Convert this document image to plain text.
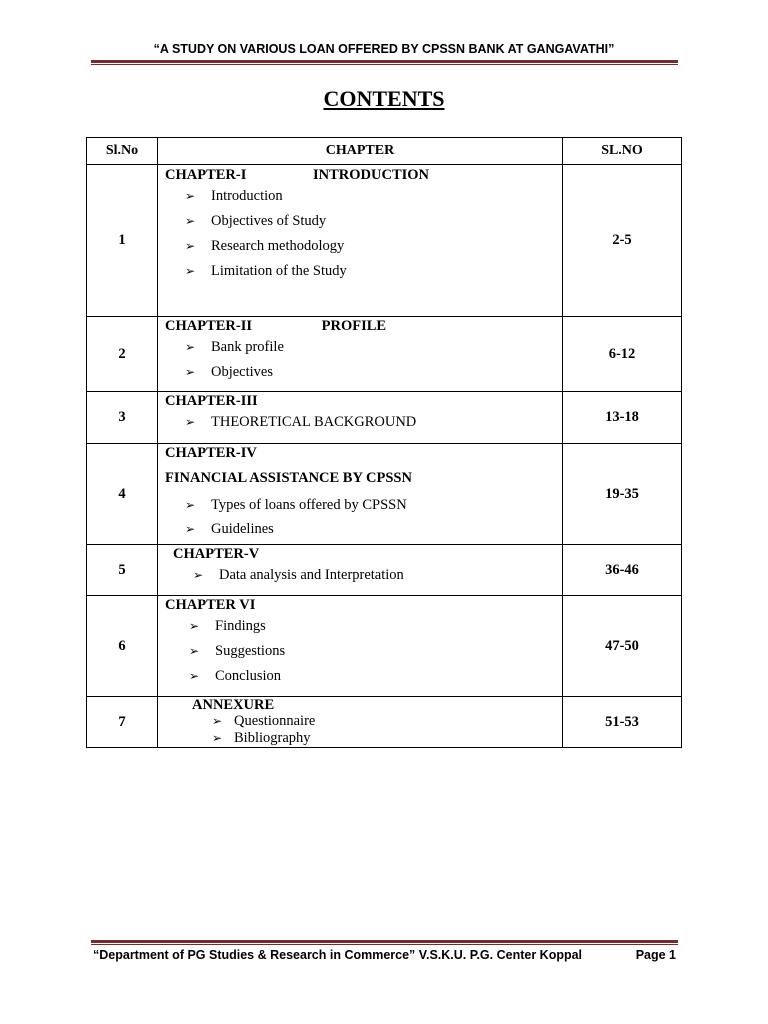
“A STUDY ON VARIOUS LOAN OFFERED BY CPSSN BANK AT GANGAVATHI”
CONTENTS
Sl.No	CHAPTER	SL.NO
1	CHAPTER-I INTRODUCTION
➢ Introduction
➢ Objectives of Study
➢ Research methodology
➢ Limitation of the Study	2-5
2	CHAPTER-II PROFILE
➢ Bank profile
➢ Objectives	6-12
3	CHAPTER-III
➢ THEORETICAL BACKGROUND	13-18
4	CHAPTER-IV
FINANCIAL ASSISTANCE BY CPSSN
➢ Types of loans offered by CPSSN
➢ Guidelines	19-35
5	CHAPTER-V
➢ Data analysis and Interpretation	36-46
6	CHAPTER VI
➢ Findings
➢ Suggestions
➢ Conclusion	47-50
7	ANNEXURE
➢ Questionnaire
➢ Bibliography	51-53
“Department of PG Studies & Research in Commerce” V.S.K.U. P.G. Center Koppal	Page 1
